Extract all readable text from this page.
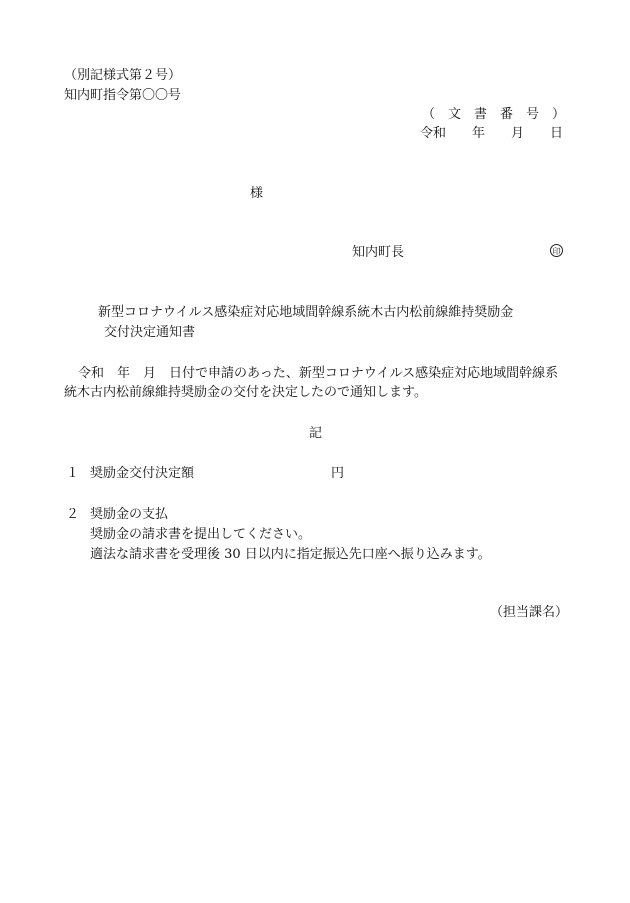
（別記様式第２号）
知内町指令第〇〇号
（　文　書　番　号　）
令和　　年　　月　　日
様
知内町長	印
新型コロナウイルス感染症対応地域間幹線系統木古内松前線維持奨励金
交付決定通知書
令和　年　月　日付で申請のあった、新型コロナウイルス感染症対応地域間幹線系
統木古内松前線維持奨励金の交付を決定したので通知します。
記
１ 奨励金交付決定額	円
２ 奨励金の支払
奨励金の請求書を提出してください。
適法な請求書を受理後 30 日以内に指定振込先口座へ振り込みます。
（担当課名）
